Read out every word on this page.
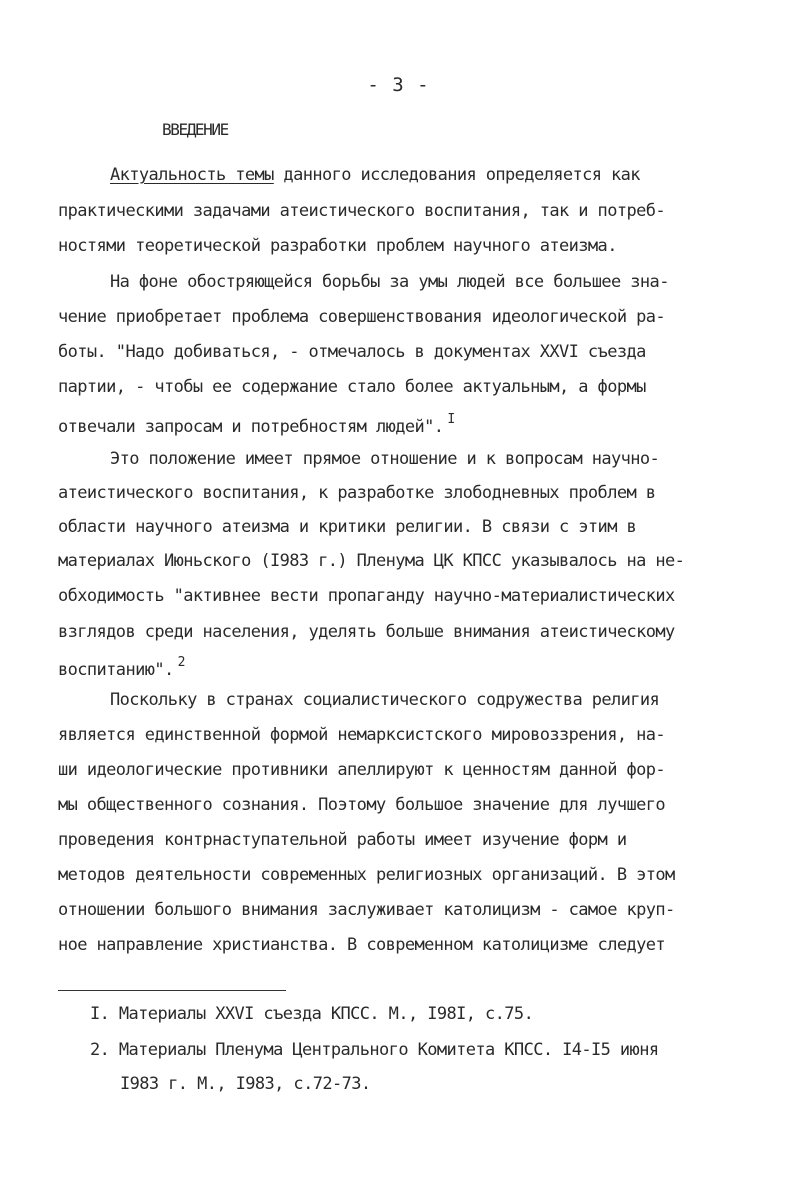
- 3 -
ВВЕДЕНИЕ
Актуальность темы данного исследования определяется как
практическими задачами атеистического воспитания, так и потреб-
ностями теоретической разработки проблем научного атеизма.
На фоне обостряющейся борьбы за умы людей все большее зна-
чение приобретает проблема совершенствования идеологической ра-
боты. "Надо добиваться, - отмечалось в документах XXVI съезда
партии, - чтобы ее содержание стало более актуальным, а формы
отвечали запросам и потребностям людей". $^I$
Это положение имеет прямое отношение и к вопросам научно-
атеистического воспитания, к разработке злободневных проблем в
области научного атеизма и критики религии. В связи с этим в
материалах Июньского (I983 г.) Пленума ЦК КПСС указывалось на не-
обходимость "активнее вести пропаганду научно-материалистических
взглядов среди населения, уделять больше внимания атеистическому
воспитанию". $^2$
Поскольку в странах социалистического содружества религия
является единственной формой немарксистского мировоззрения, на-
ши идеологические противники апеллируют к ценностям данной фор-
мы общественного сознания. Поэтому большое значение для лучшего
проведения контрнаступательной работы имеет изучение форм и
методов деятельности современных религиозных организаций. В этом
отношении большого внимания заслуживает католицизм - самое круп-
ное направление христианства. В современном католицизме следует
I. Материалы XXVI съезда КПСС. М., I98I, с.75.
2. Материалы Пленума Центрального Комитета КПСС. I4-I5 июня
I983 г. М., I983, с.72-73.
